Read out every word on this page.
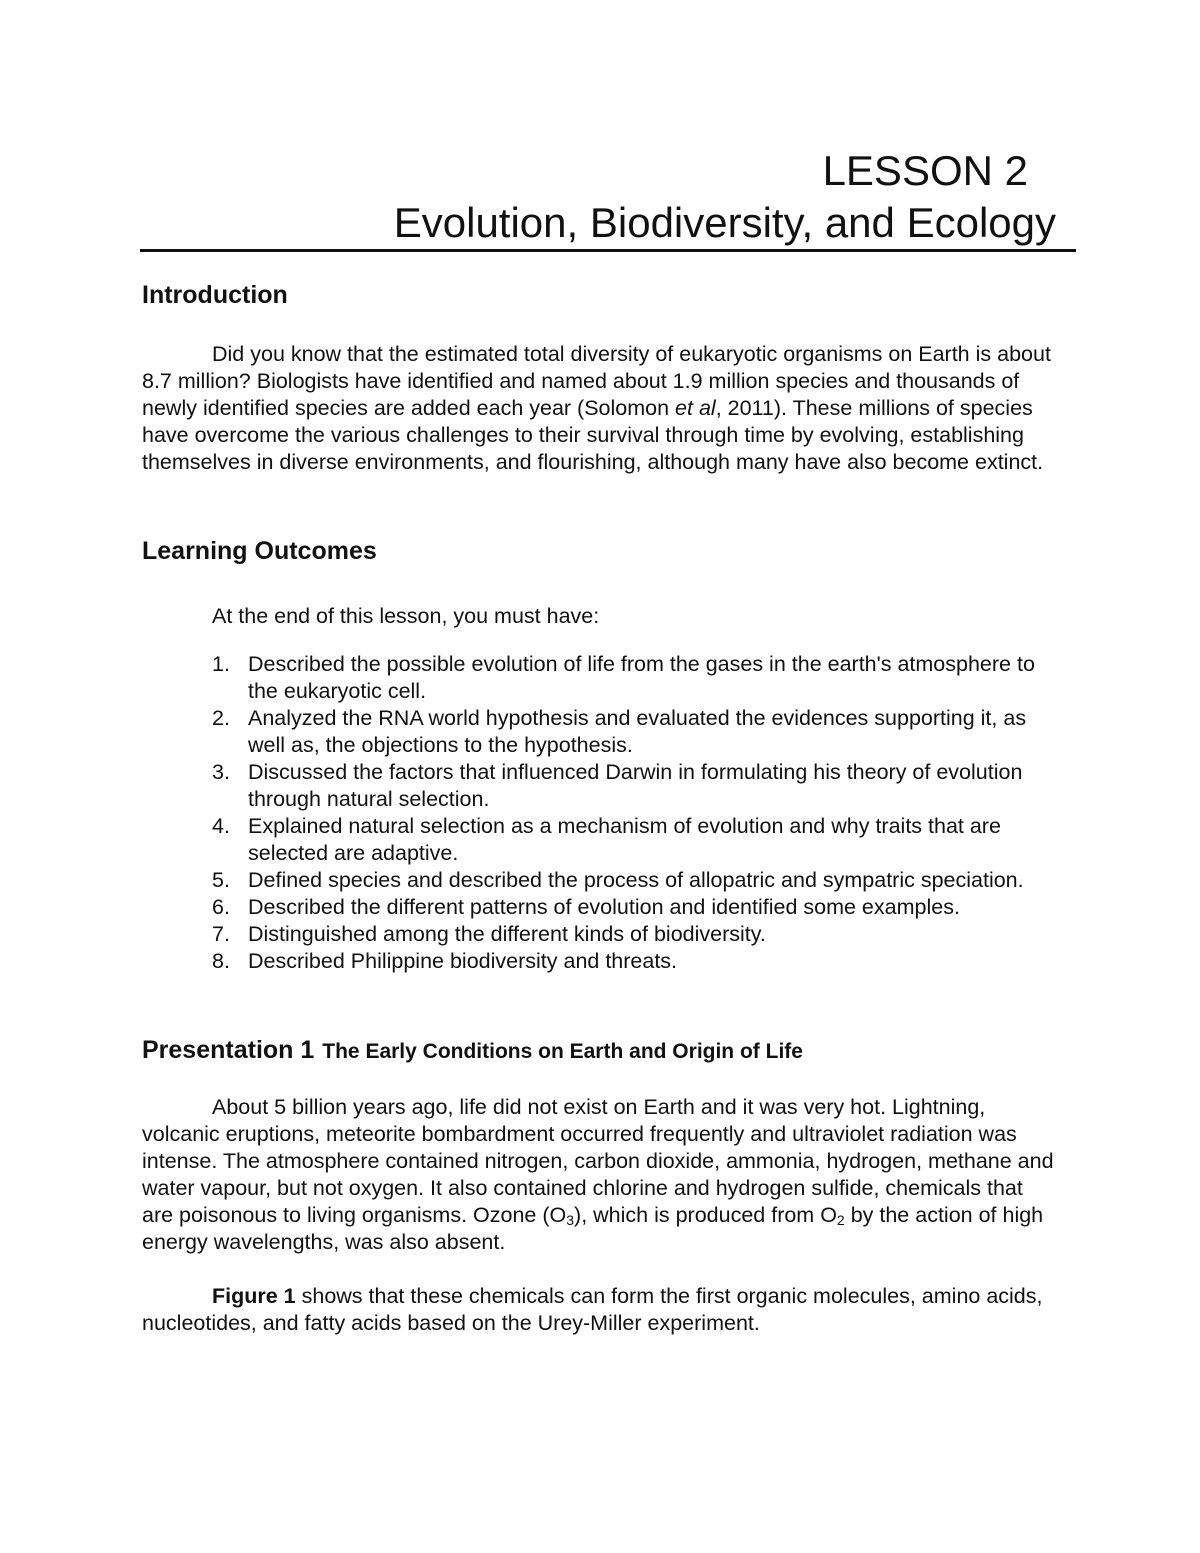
LESSON 2
Evolution, Biodiversity, and Ecology
Introduction

Did you know that the estimated total diversity of eukaryotic organisms on Earth is about 8.7 million? Biologists have identified and named about 1.9 million species and thousands of newly identified species are added each year (Solomon et al, 2011). These millions of species have overcome the various challenges to their survival through time by evolving, establishing themselves in diverse environments, and flourishing, although many have also become extinct.

Learning Outcomes

At the end of this lesson, you must have:

1. Described the possible evolution of life from the gases in the earth's atmosphere to the eukaryotic cell.
2. Analyzed the RNA world hypothesis and evaluated the evidences supporting it, as well as, the objections to the hypothesis.
3. Discussed the factors that influenced Darwin in formulating his theory of evolution through natural selection.
4. Explained natural selection as a mechanism of evolution and why traits that are selected are adaptive.
5. Defined species and described the process of allopatric and sympatric speciation.
6. Described the different patterns of evolution and identified some examples.
7. Distinguished among the different kinds of biodiversity.
8. Described Philippine biodiversity and threats.
Presentation 1 The Early Conditions on Earth and Origin of Life

About 5 billion years ago, life did not exist on Earth and it was very hot. Lightning, volcanic eruptions, meteorite bombardment occurred frequently and ultraviolet radiation was intense. The atmosphere contained nitrogen, carbon dioxide, ammonia, hydrogen, methane and water vapour, but not oxygen. It also contained chlorine and hydrogen sulfide, chemicals that are poisonous to living organisms. Ozone $(O_3)$, which is produced from $O_2$ by the action of high energy wavelengths, was also absent.

Figure 1 shows that these chemicals can form the first organic molecules, amino acids, nucleotides, and fatty acids based on the Urey-Miller experiment.
